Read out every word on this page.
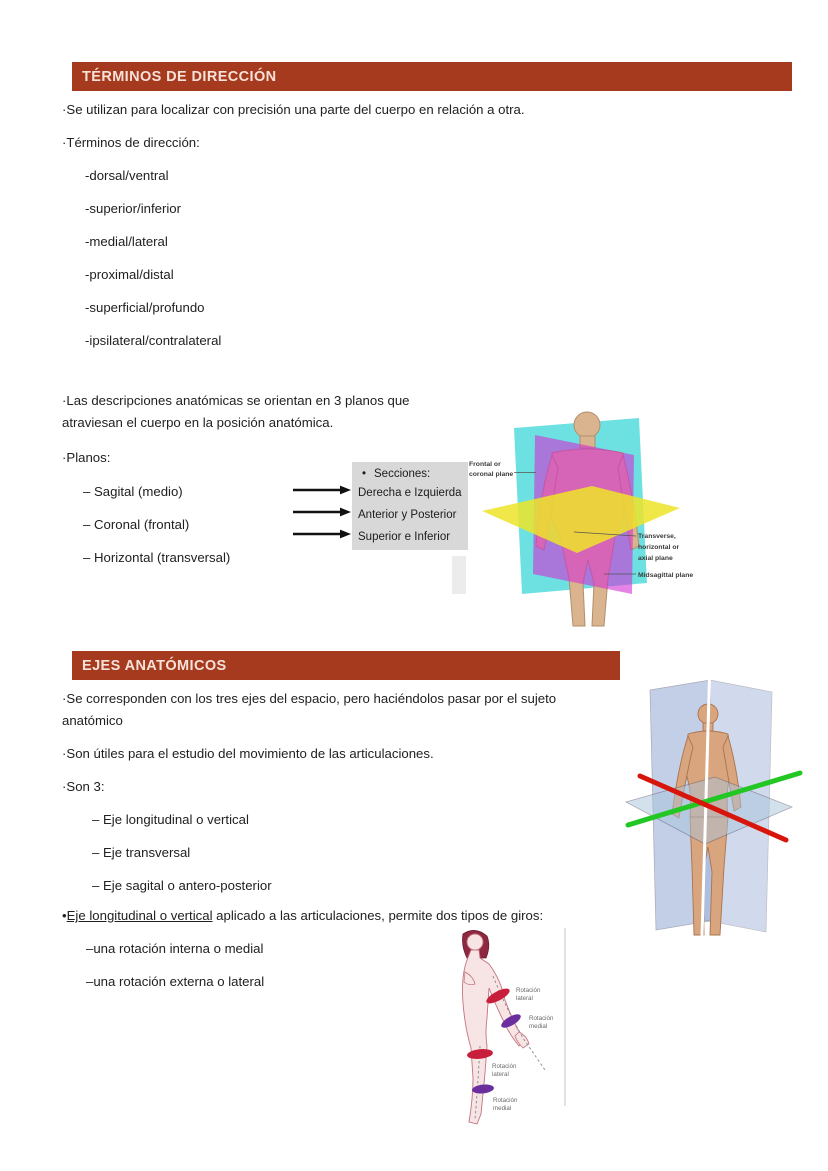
TÉRMINOS DE DIRECCIÓN
·Se utilizan para localizar con precisión una parte del cuerpo en relación a otra.
·Términos de dirección:
-dorsal/ventral
-superior/inferior
-medial/lateral
-proximal/distal
-superficial/profundo
-ipsilateral/contralateral
·Las descripciones anatómicas se orientan en 3 planos que
atraviesan el cuerpo en la posición anatómica.
·Planos:
– Sagital (medio)
– Coronal (frontal)
– Horizontal (transversal)
• Secciones:
Derecha e Izquierda
Anterior y Posterior
Superior e Inferior
Frontal or
coronal plane
Transverse,
horizontal or
axial plane
Midsagittal plane
EJES ANATÓMICOS
·Se corresponden con los tres ejes del espacio, pero haciéndolos pasar por el sujeto
anatómico
·Son útiles para el estudio del movimiento de las articulaciones.
·Son 3:
– Eje longitudinal o vertical
– Eje transversal
– Eje sagital o antero-posterior
•Eje longitudinal o vertical aplicado a las articulaciones, permite dos tipos de giros:
–una rotación interna o medial
–una rotación externa o lateral
Rotación
lateral
Rotación
medial
Rotación
lateral
Rotación
medial
